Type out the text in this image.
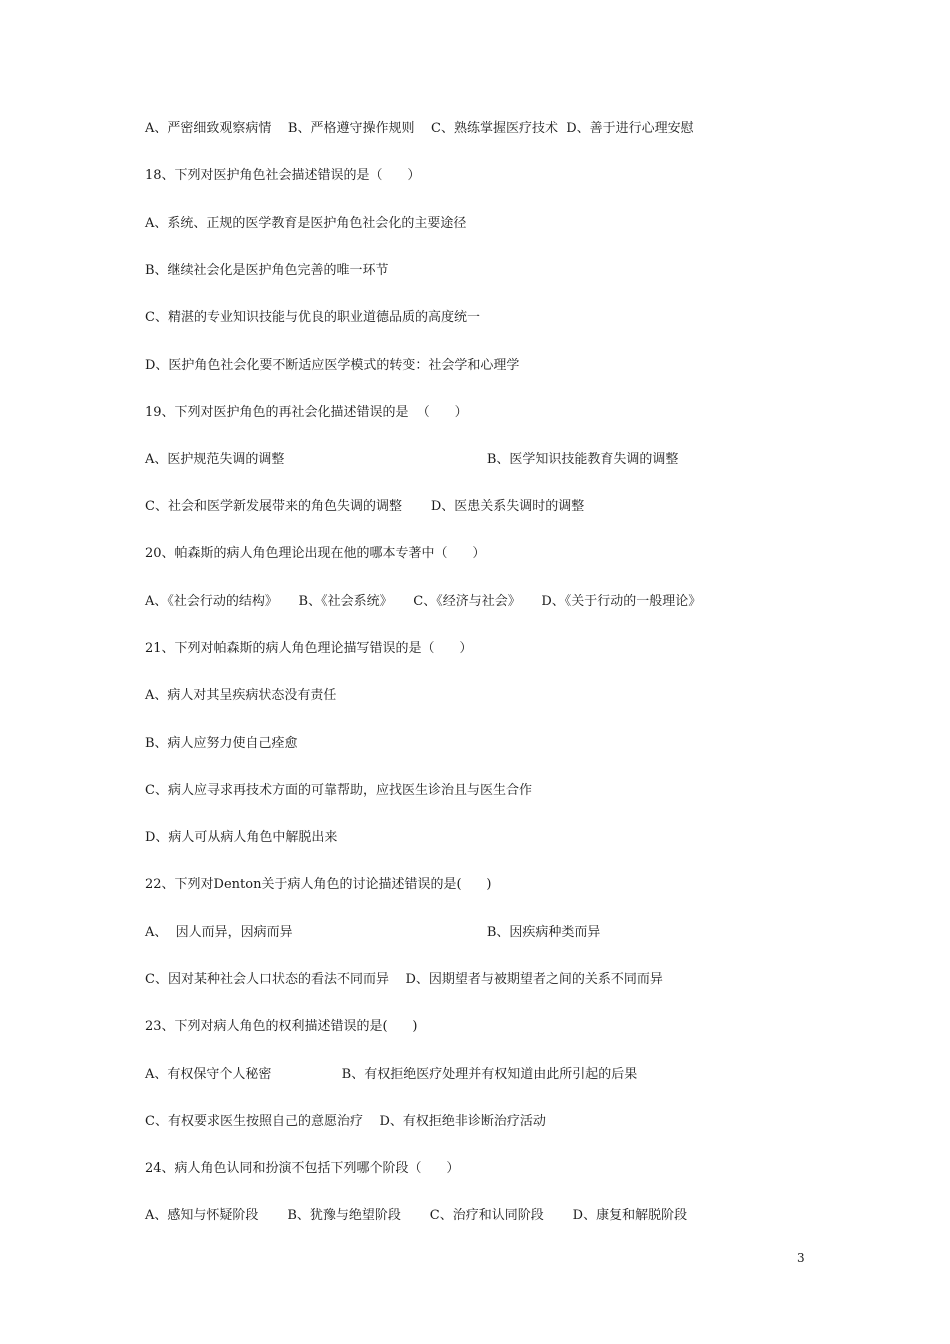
A、严密细致观察病情    B、严格遵守操作规则    C、熟练掌握医疗技术  D、善于进行心理安慰
18、下列对医护角色社会描述错误的是（      ）
A、系统、正规的医学教育是医护角色社会化的主要途径
B、继续社会化是医护角色完善的唯一环节
C、精湛的专业知识技能与优良的职业道德品质的高度统一
D、医护角色社会化要不断适应医学模式的转变：社会学和心理学
19、下列对医护角色的再社会化描述错误的是  （      ）
A、医护规范失调的调整                                                 B、医学知识技能教育失调的调整
C、社会和医学新发展带来的角色失调的调整       D、医患关系失调时的调整
20、帕森斯的病人角色理论出现在他的哪本专著中（      ）
A、《社会行动的结构》     B、《社会系统》     C、《经济与社会》     D、《关于行动的一般理论》
21、下列对帕森斯的病人角色理论描写错误的是（      ）
A、病人对其呈疾病状态没有责任
B、病人应努力使自己痊愈
C、病人应寻求再技术方面的可靠帮助，应找医生诊治且与医生合作
D、病人可从病人角色中解脱出来
22、下列对Denton关于病人角色的讨论描述错误的是(      )
A、  因人而异，因病而异                                               B、因疾病种类而异
C、因对某种社会人口状态的看法不同而异    D、因期望者与被期望者之间的关系不同而异
23、下列对病人角色的权利描述错误的是(      )
A、有权保守个人秘密                 B、有权拒绝医疗处理并有权知道由此所引起的后果
C、有权要求医生按照自己的意愿治疗    D、有权拒绝非诊断治疗活动
24、病人角色认同和扮演不包括下列哪个阶段（      ）
A、感知与怀疑阶段       B、犹豫与绝望阶段       C、治疗和认同阶段       D、康复和解脱阶段
3
